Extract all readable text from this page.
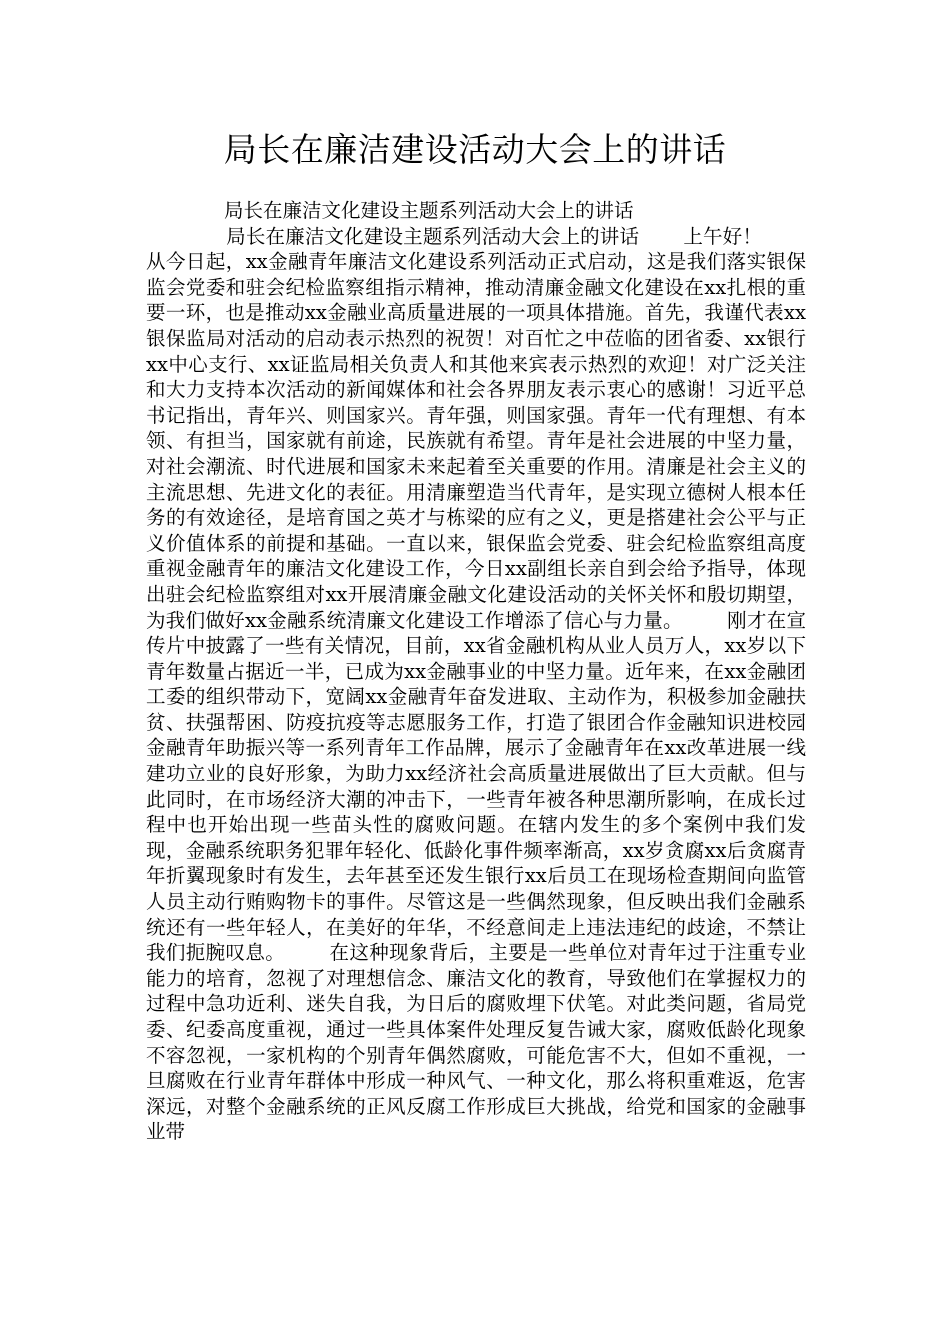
局长在廉洁建设活动大会上的讲话
局长在廉洁文化建设主题系列活动大会上的讲话
局长在廉洁文化建设主题系列活动大会上的讲话 上午好！从今日起，xx金融青年廉洁文化建设系列活动正式启动，这是我们落实银保监会党委和驻会纪检监察组指示精神，推动清廉金融文化建设在xx扎根的重要一环，也是推动xx金融业高质量进展的一项具体措施。首先，我谨代表xx银保监局对活动的启动表示热烈的祝贺！对百忙之中莅临的团省委、xx银行xx中心支行、xx证监局相关负责人和其他来宾表示热烈的欢迎！对广泛关注和大力支持本次活动的新闻媒体和社会各界朋友表示衷心的感谢！习近平总书记指出，青年兴、则国家兴。青年强，则国家强。青年一代有理想、有本领、有担当，国家就有前途，民族就有希望。青年是社会进展的中坚力量，对社会潮流、时代进展和国家未来起着至关重要的作用。清廉是社会主义的主流思想、先进文化的表征。用清廉塑造当代青年，是实现立德树人根本任务的有效途径，是培育国之英才与栋梁的应有之义，更是搭建社会公平与正义价值体系的前提和基础。一直以来，银保监会党委、驻会纪检监察组高度重视金融青年的廉洁文化建设工作，今日xx副组长亲自到会给予指导，体现出驻会纪检监察组对xx开展清廉金融文化建设活动的关怀关怀和殷切期望，为我们做好xx金融系统清廉文化建设工作增添了信心与力量。 刚才在宣传片中披露了一些有关情况，目前，xx省金融机构从业人员万人，xx岁以下青年数量占据近一半，已成为xx金融事业的中坚力量。近年来，在xx金融团工委的组织带动下，宽阔xx金融青年奋发进取、主动作为，积极参加金融扶贫、扶强帮困、防疫抗疫等志愿服务工作，打造了银团合作金融知识进校园金融青年助振兴等一系列青年工作品牌，展示了金融青年在xx改革进展一线建功立业的良好形象，为助力xx经济社会高质量进展做出了巨大贡献。但与此同时，在市场经济大潮的冲击下，一些青年被各种思潮所影响，在成长过程中也开始出现一些苗头性的腐败问题。在辖内发生的多个案例中我们发现，金融系统职务犯罪年轻化、低龄化事件频率渐高，xx岁贪腐xx后贪腐青年折翼现象时有发生，去年甚至还发生银行xx后员工在现场检查期间向监管人员主动行贿购物卡的事件。尽管这是一些偶然现象，但反映出我们金融系统还有一些年轻人，在美好的年华，不经意间走上违法违纪的歧途，不禁让我们扼腕叹息。 在这种现象背后，主要是一些单位对青年过于注重专业能力的培育，忽视了对理想信念、廉洁文化的教育，导致他们在掌握权力的过程中急功近利、迷失自我，为日后的腐败埋下伏笔。对此类问题，省局党委、纪委高度重视，通过一些具体案件处理反复告诫大家，腐败低龄化现象不容忽视，一家机构的个别青年偶然腐败，可能危害不大，但如不重视，一旦腐败在行业青年群体中形成一种风气、一种文化，那么将积重难返，危害深远，对整个金融系统的正风反腐工作形成巨大挑战，给党和国家的金融事业带
